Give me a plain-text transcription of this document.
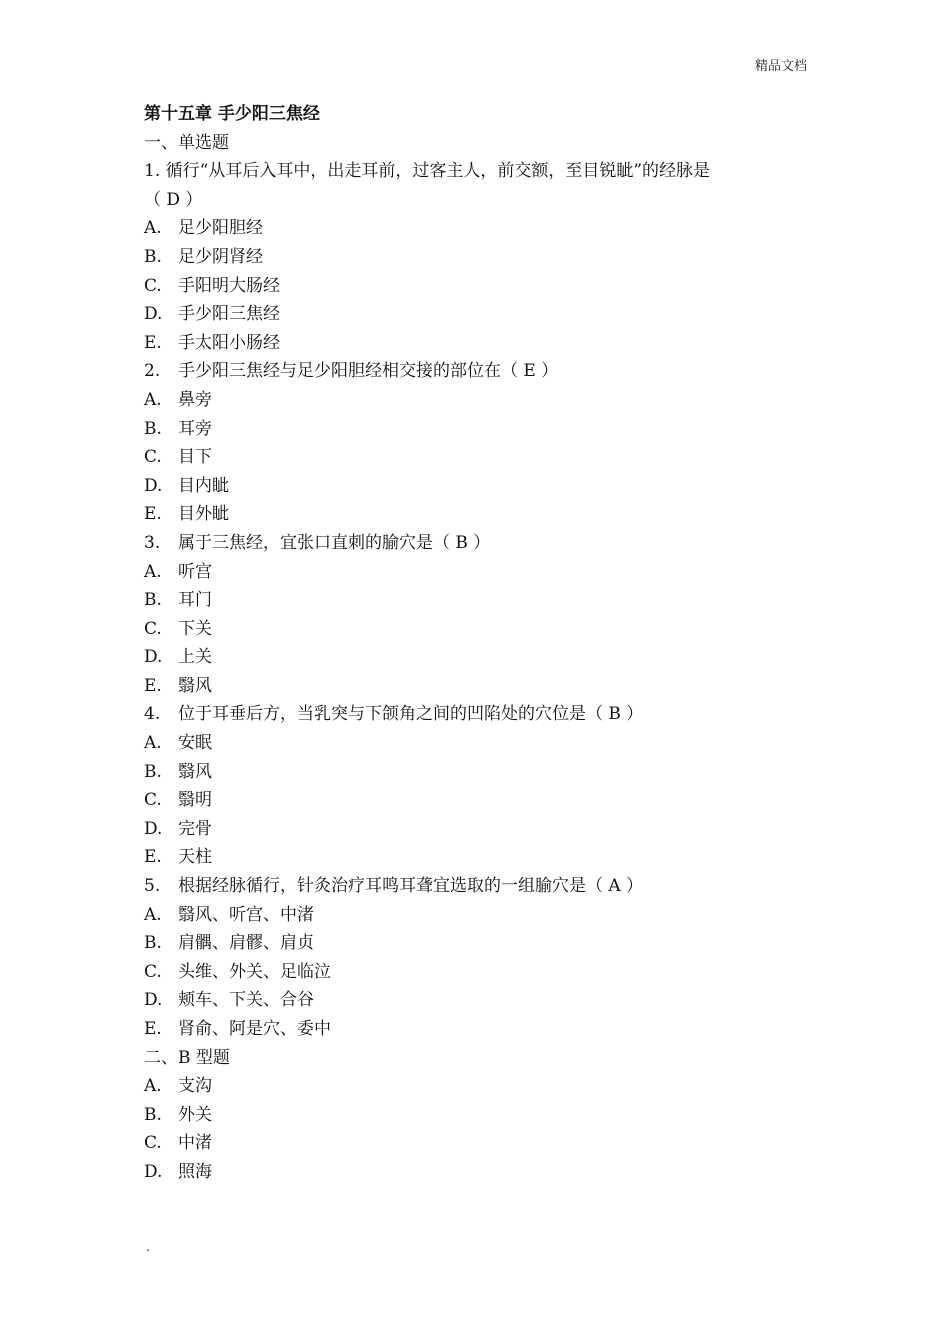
精品文档
第十五章 手少阳三焦经
一、单选题
1. 循行“从耳后入耳中，出走耳前，过客主人，前交额，至目锐眦”的经脉是
（ D ）
A. 足少阳胆经
B. 足少阴肾经
C. 手阳明大肠经
D. 手少阳三焦经
E. 手太阳小肠经
2. 手少阳三焦经与足少阳胆经相交接的部位在（ E ）
A. 鼻旁
B. 耳旁
C. 目下
D. 目内眦
E. 目外眦
3. 属于三焦经，宜张口直刺的腧穴是（ B ）
A. 听宫
B. 耳门
C. 下关
D. 上关
E. 翳风
4. 位于耳垂后方，当乳突与下颌角之间的凹陷处的穴位是（ B ）
A. 安眠
B. 翳风
C. 翳明
D. 完骨
E. 天柱
5. 根据经脉循行，针灸治疗耳鸣耳聋宜选取的一组腧穴是（ A ）
A. 翳风、听宫、中渚
B. 肩髃、肩髎、肩贞
C. 头维、外关、足临泣
D. 颊车、下关、合谷
E. 肾俞、阿是穴、委中
二、B 型题
A. 支沟
B. 外关
C. 中渚
D. 照海
.
